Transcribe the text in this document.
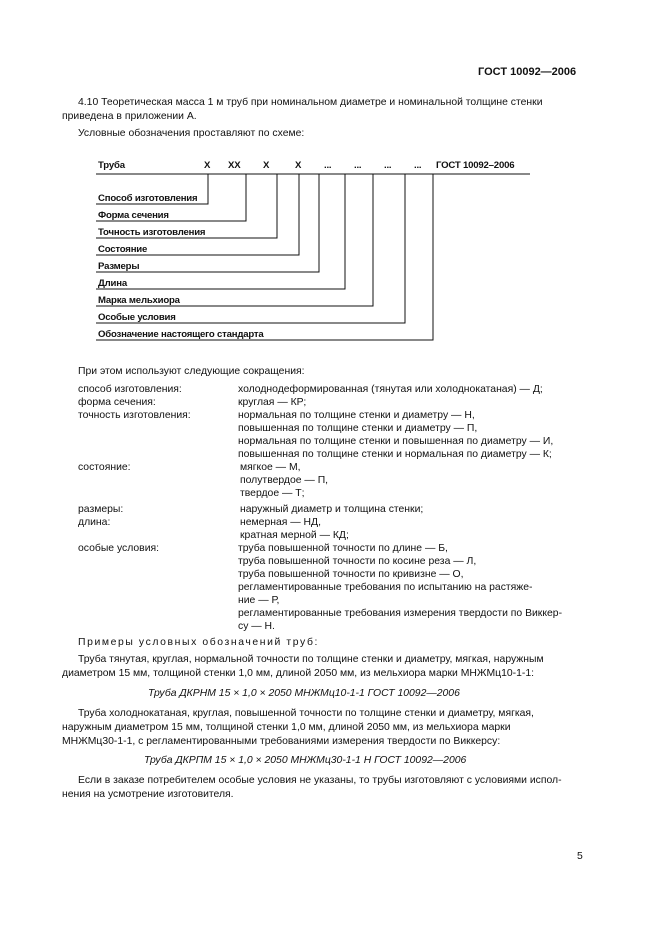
ГОСТ 10092—2006
4.10 Теоретическая масса 1 м труб при номинальном диаметре и номинальной толщине стенки
приведена в приложении А.
Условные обозначения проставляют по схеме:
Труба	Х ХХ Х	Х ... ... ... ... ГОСТ 10092–2006
Способ изготовления
Форма сечения
Точность изготовления
Состояние
Размеры
Длина
Марка мельхиора
Особые условия
Обозначение настоящего стандарта
При этом используют следующие сокращения:
способ изготовления:	холоднодеформированная (тянутая или холоднокатаная) — Д;
форма сечения:	круглая — КР;
точность изготовления:	нормальная по толщине стенки и диаметру — Н,
повышенная по толщине стенки и диаметру — П,
нормальная по толщине стенки и повышенная по диаметру — И,
повышенная по толщине стенки и нормальная по диаметру — К;
состояние:	мягкое — М,
полутвердое — П,
твердое — Т;
размеры:	наружный диаметр и толщина стенки;
длина:	немерная — НД,
кратная мерной — КД;
особые условия:	труба повышенной точности по длине — Б,
труба повышенной точности по косине реза — Л,
труба повышенной точности по кривизне — О,
регламентированные требования по испытанию на растяже-
ние — Р,
регламентированные требования измерения твердости по Виккер-
су — Н.
Примеры условных обозначений труб:
Труба тянутая, круглая, нормальной точности по толщине стенки и диаметру, мягкая, наружным
диаметром 15 мм, толщиной стенки 1,0 мм, длиной 2050 мм, из мельхиора марки МНЖМц10-1-1:
Труба ДКРНМ 15 × 1,0 × 2050 МНЖМц10-1-1 ГОСТ 10092—2006
Труба холоднокатаная, круглая, повышенной точности по толщине стенки и диаметру, мягкая,
наружным диаметром 15 мм, толщиной стенки 1,0 мм, длиной 2050 мм, из мельхиора марки
МНЖМц30-1-1, с регламентированными требованиями измерения твердости по Виккерсу:
Труба ДКРПМ 15 × 1,0 × 2050 МНЖМц30-1-1 Н ГОСТ 10092—2006
Если в заказе потребителем особые условия не указаны, то трубы изготовляют с условиями испол-
нения на усмотрение изготовителя.
5
